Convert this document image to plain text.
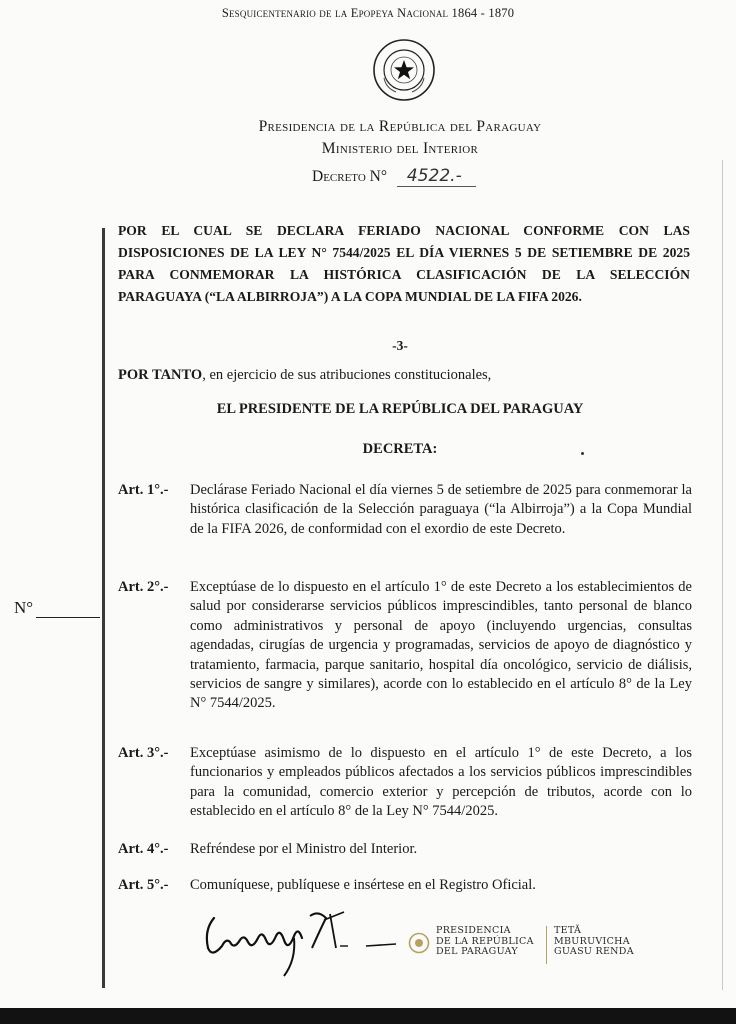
Sesquicentenario de la Epopeya Nacional 1864 - 1870
Presidencia de la República del Paraguay
Ministerio del Interior
Decreto N° 4522.-
POR EL CUAL SE DECLARA FERIADO NACIONAL CONFORME CON LAS DISPOSICIONES DE LA LEY N° 7544/2025 EL DÍA VIERNES 5 DE SETIEMBRE DE 2025 PARA CONMEMORAR LA HISTÓRICA CLASIFICACIÓN DE LA SELECCIÓN PARAGUAYA (“LA ALBIRROJA”) A LA COPA MUNDIAL DE LA FIFA 2026.
-3-
POR TANTO, en ejercicio de sus atribuciones constitucionales,
EL PRESIDENTE DE LA REPÚBLICA DEL PARAGUAY
DECRETA:
Art. 1°.- Declárase Feriado Nacional el día viernes 5 de setiembre de 2025 para conmemorar la histórica clasificación de la Selección paraguaya (“la Albirroja”) a la Copa Mundial de la FIFA 2026, de conformidad con el exordio de este Decreto.
Art. 2°.- Exceptúase de lo dispuesto en el artículo 1° de este Decreto a los establecimientos de salud por considerarse servicios públicos imprescindibles, tanto personal de blanco como administrativos y personal de apoyo (incluyendo urgencias, consultas agendadas, cirugías de urgencia y programadas, servicios de apoyo de diagnóstico y tratamiento, farmacia, parque sanitario, hospital día oncológico, servicio de diálisis, servicios de sangre y similares), acorde con lo establecido en el artículo 8° de la Ley N° 7544/2025.
Art. 3°.- Exceptúase asimismo de lo dispuesto en el artículo 1° de este Decreto, a los funcionarios y empleados públicos afectados a los servicios públicos imprescindibles para la comunidad, comercio exterior y percepción de tributos, acorde con lo establecido en el artículo 8° de la Ley N° 7544/2025.
Art. 4°.- Refréndese por el Ministro del Interior.
Art. 5°.- Comuníquese, publíquese e insértese en el Registro Oficial.
N°
PRESIDENCIA
DE LA REPÚBLICA
DEL PARAGUAY
TETÃ
MBURUVICHA
GUASU RENDA
